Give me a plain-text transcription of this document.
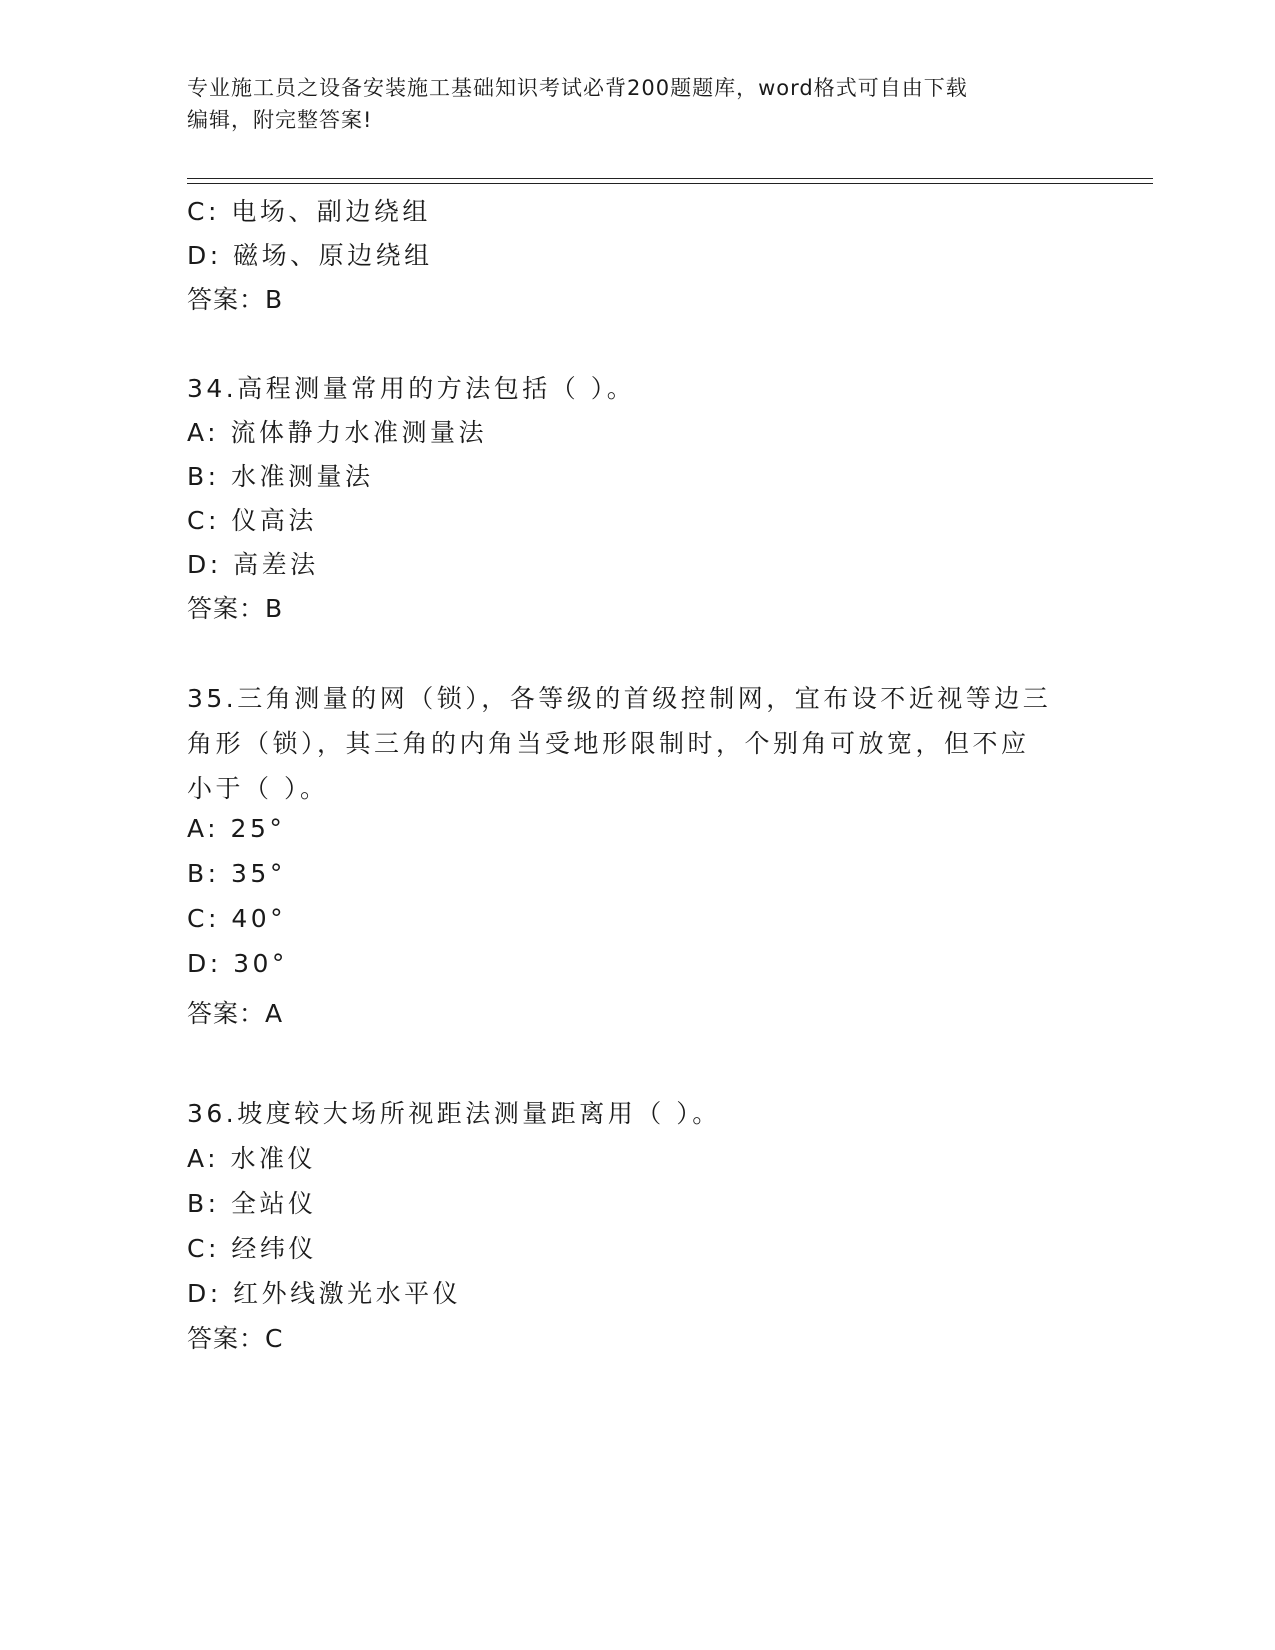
专业施工员之设备安装施工基础知识考试必背200题题库，word格式可自由下载
编辑，附完整答案!
C: 电场、副边绕组
D: 磁场、原边绕组
答案：B
34.高程测量常用的方法包括（ ）。
A: 流体静力水准测量法
B: 水准测量法
C: 仪高法
D: 高差法
答案：B
35.三角测量的网（锁），各等级的首级控制网，宜布设不近视等边三
角形（锁），其三角的内角当受地形限制时，个别角可放宽，但不应
小于（ ）。
A: 25°
B: 35°
C: 40°
D: 30°
答案：A
36.坡度较大场所视距法测量距离用（ ）。
A: 水准仪
B: 全站仪
C: 经纬仪
D: 红外线激光水平仪
答案：C
